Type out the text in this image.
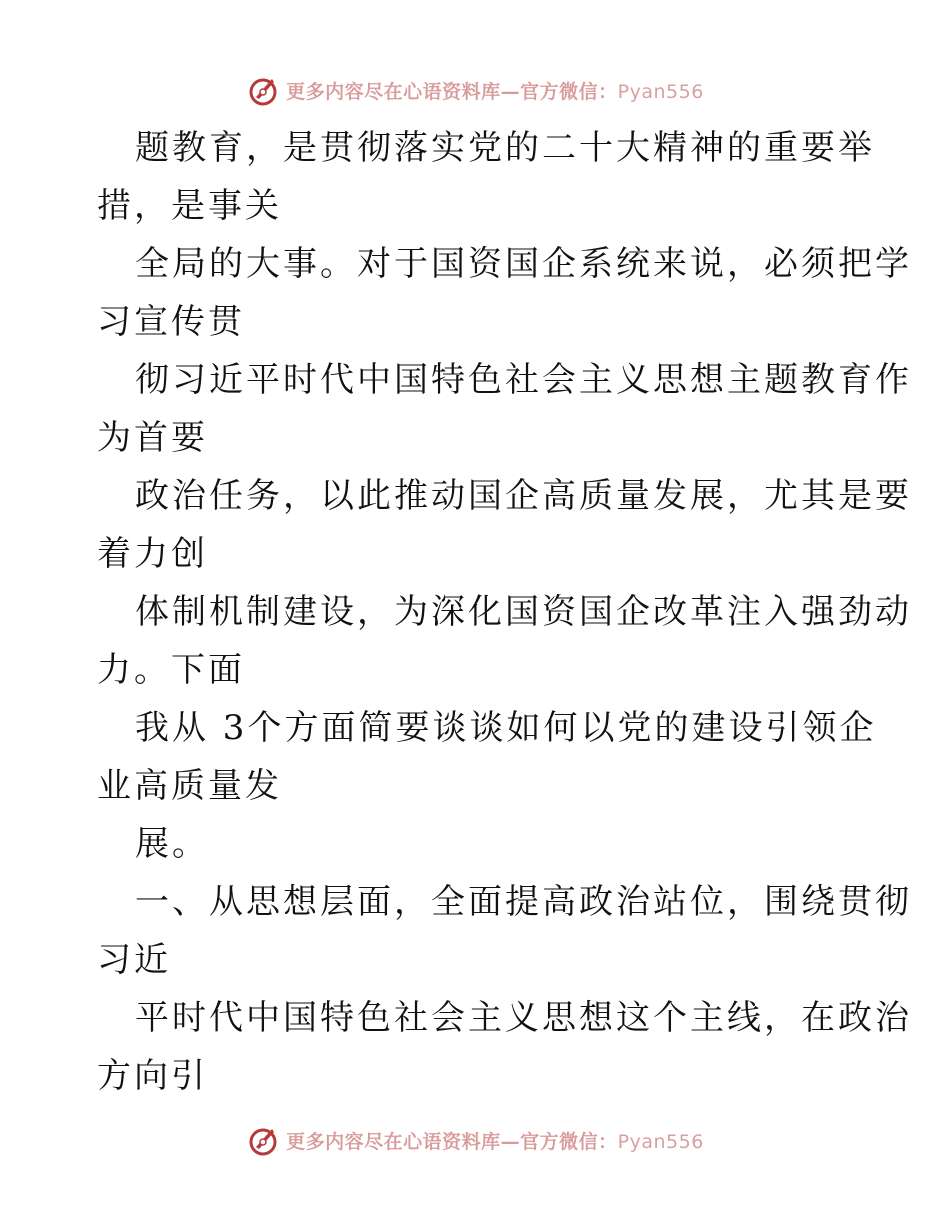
更多内容尽在心语资料库—官方微信：Pyan556
题教育，是贯彻落实党的二十大精神的重要举
措，是事关
全局的大事。对于国资国企系统来说，必须把学
习宣传贯
彻习近平时代中国特色社会主义思想主题教育作
为首要
政治任务，以此推动国企高质量发展，尤其是要
着力创
体制机制建设，为深化国资国企改革注入强劲动
力。下面
我从 3个方面简要谈谈如何以党的建设引领企
业高质量发
展。
一、从思想层面，全面提高政治站位，围绕贯彻
习近
平时代中国特色社会主义思想这个主线，在政治
方向引
更多内容尽在心语资料库—官方微信：Pyan556
